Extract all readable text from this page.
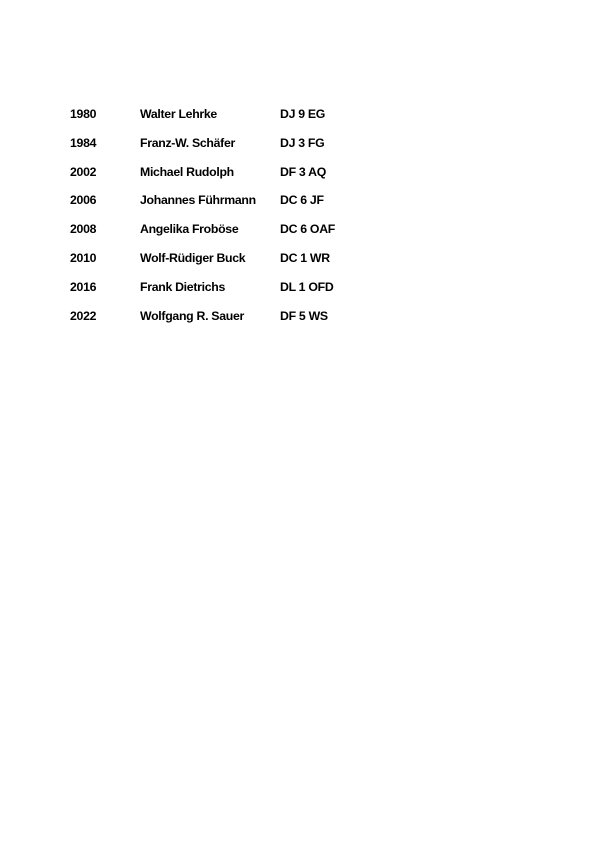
1980	Walter Lehrke	DJ 9 EG
1984	Franz-W. Schäfer	DJ 3 FG
2002	Michael Rudolph	DF 3 AQ
2006	Johannes Führmann DC 6 JF
2008	Angelika Froböse	DC 6 OAF
2010	Wolf-Rüdiger Buck	DC 1 WR
2016	Frank Dietrichs	DL 1 OFD
2022	Wolfgang R. Sauer	DF 5 WS
